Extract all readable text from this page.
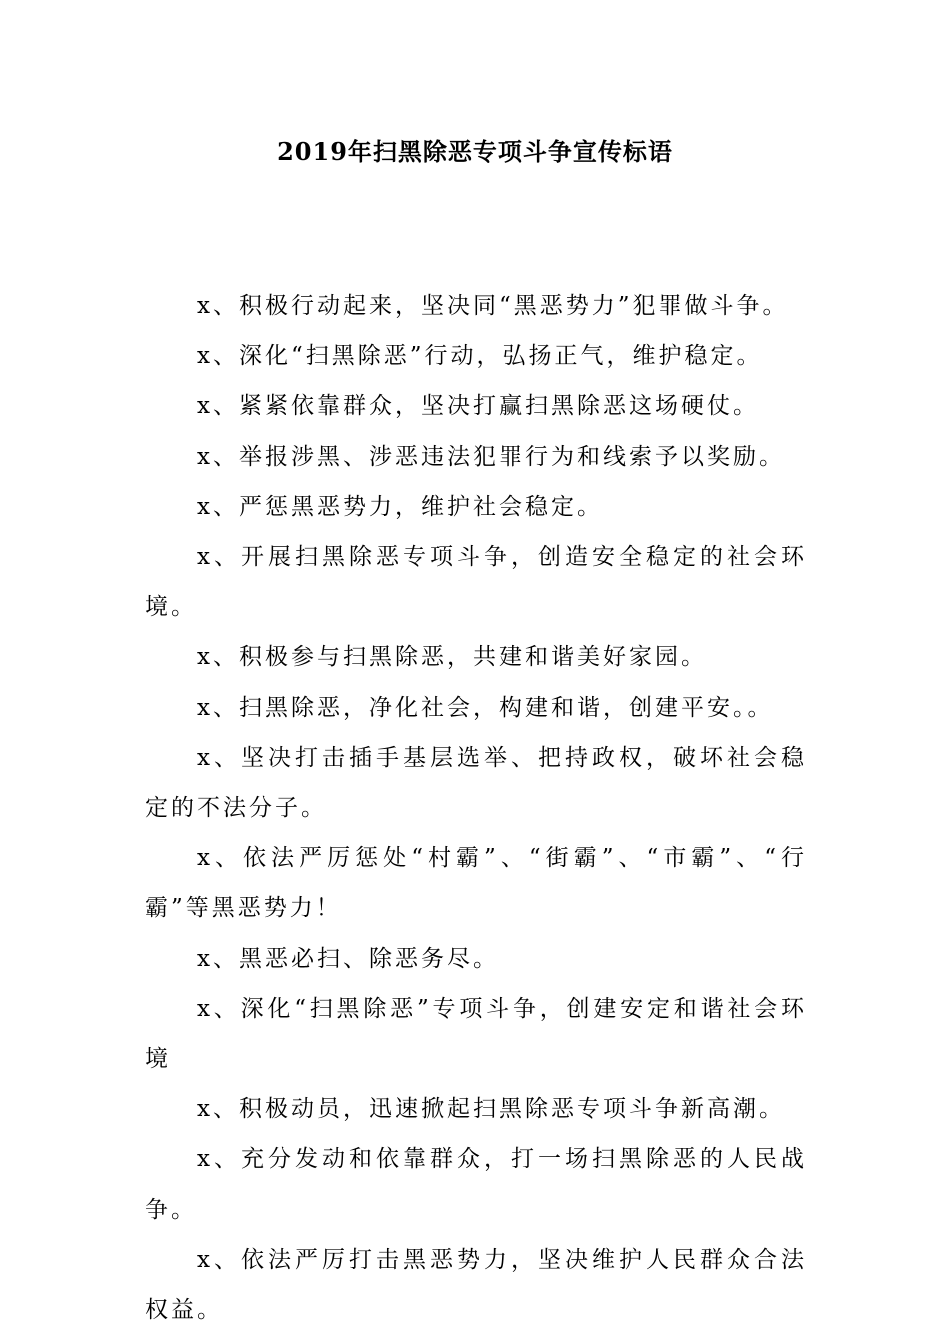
2019年扫黑除恶专项斗争宣传标语

x、积极行动起来，坚决同“黑恶势力”犯罪做斗争。

x、深化“扫黑除恶”行动，弘扬正气，维护稳定。

x、紧紧依靠群众，坚决打赢扫黑除恶这场硬仗。

x、举报涉黑、涉恶违法犯罪行为和线索予以奖励。

x、严惩黑恶势力，维护社会稳定。

x、开展扫黑除恶专项斗争，创造安全稳定的社会环境。

x、积极参与扫黑除恶，共建和谐美好家园。

x、扫黑除恶，净化社会，构建和谐，创建平安。。

x、坚决打击插手基层选举、把持政权，破坏社会稳定的不法分子。

x、依法严厉惩处“村霸”、“街霸”、“市霸”、“行霸”等黑恶势力！

x、黑恶必扫、除恶务尽。

x、深化“扫黑除恶”专项斗争，创建安定和谐社会环境

x、积极动员，迅速掀起扫黑除恶专项斗争新高潮。

x、充分发动和依靠群众，打一场扫黑除恶的人民战争。

x、依法严厉打击黑恶势力，坚决维护人民群众合法权益。
